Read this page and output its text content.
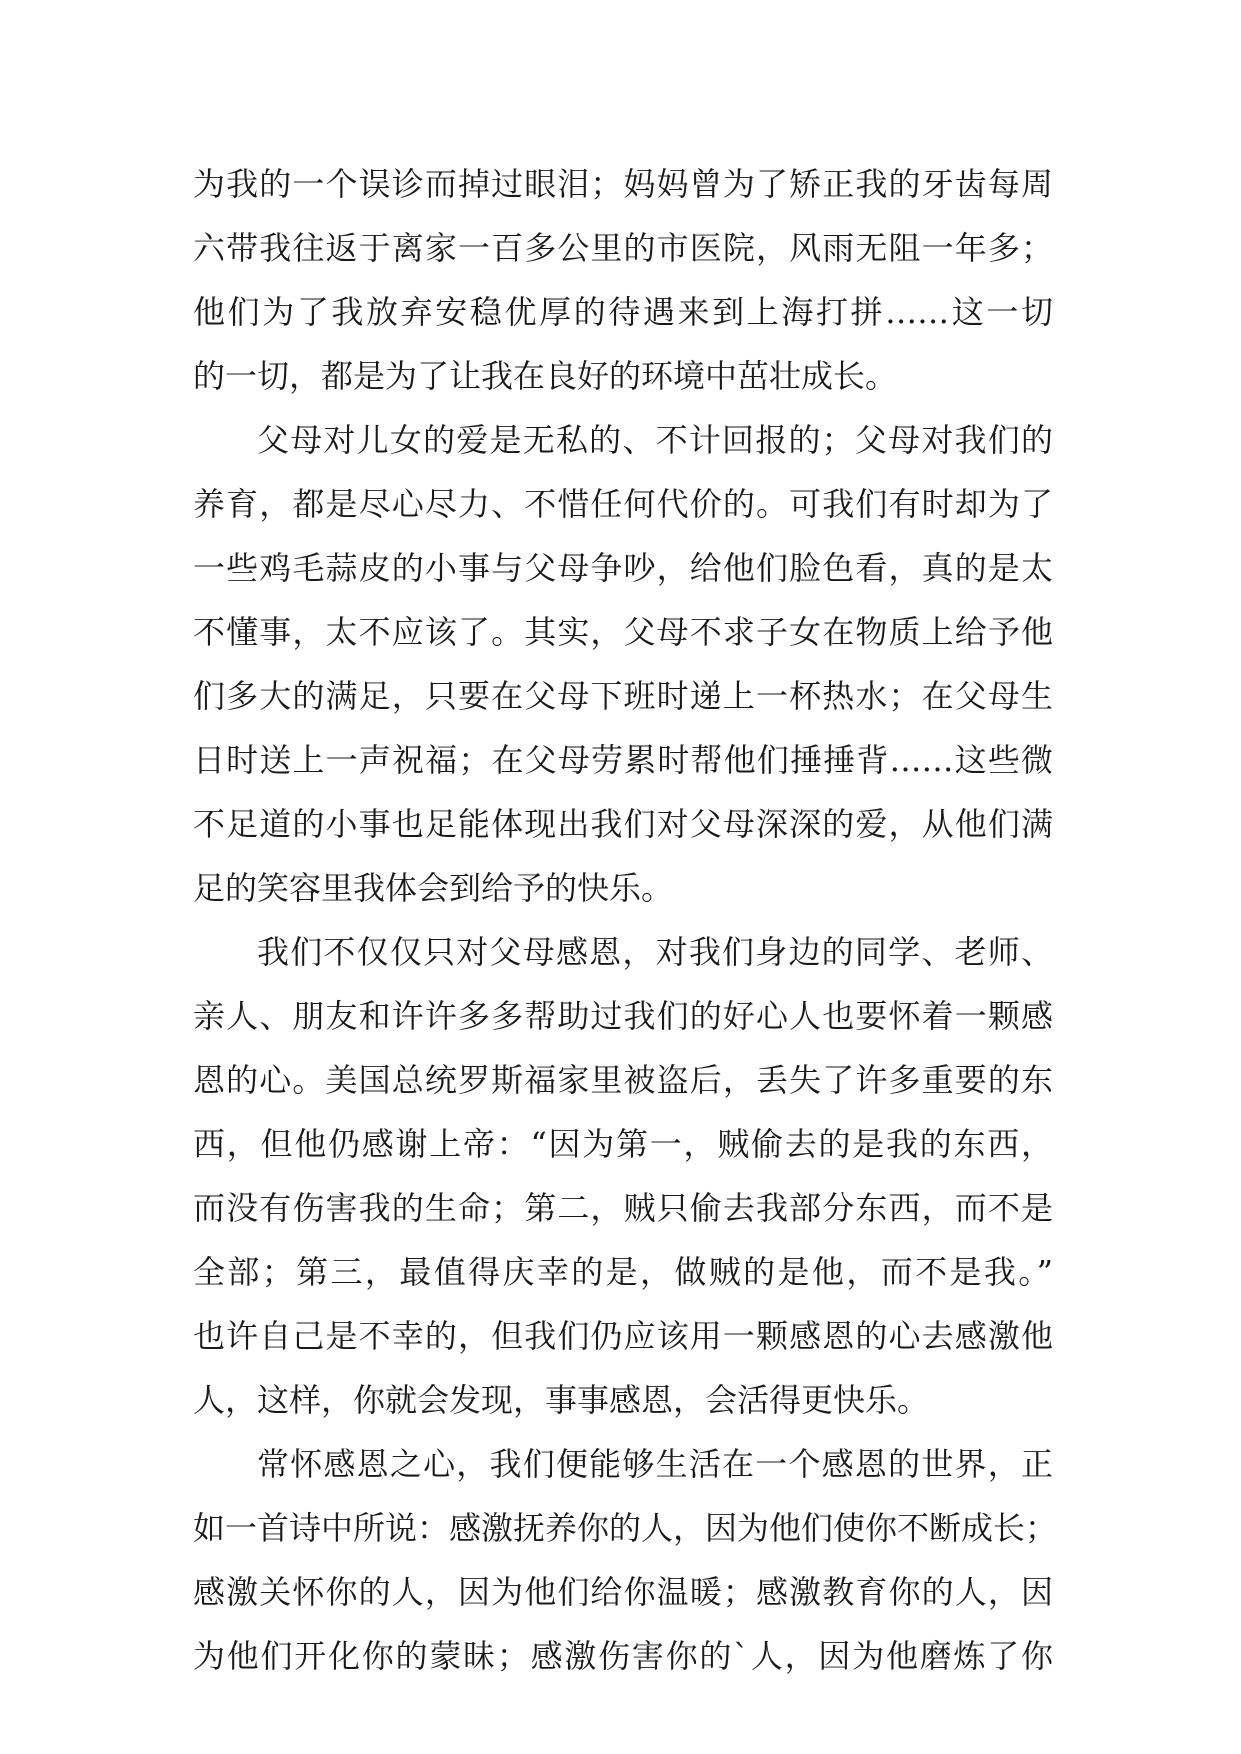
为我的一个误诊而掉过眼泪；妈妈曾为了矫正我的牙齿每周
六带我往返于离家一百多公里的市医院，风雨无阻一年多；
他们为了我放弃安稳优厚的待遇来到上海打拼……这一切
的一切，都是为了让我在良好的环境中茁壮成长。
父母对儿女的爱是无私的、不计回报的；父母对我们的
养育，都是尽心尽力、不惜任何代价的。可我们有时却为了
一些鸡毛蒜皮的小事与父母争吵，给他们脸色看，真的是太
不懂事，太不应该了。其实，父母不求子女在物质上给予他
们多大的满足，只要在父母下班时递上一杯热水；在父母生
日时送上一声祝福；在父母劳累时帮他们捶捶背……这些微
不足道的小事也足能体现出我们对父母深深的爱，从他们满
足的笑容里我体会到给予的快乐。
我们不仅仅只对父母感恩，对我们身边的同学、老师、
亲人、朋友和许许多多帮助过我们的好心人也要怀着一颗感
恩的心。美国总统罗斯福家里被盗后，丢失了许多重要的东
西，但他仍感谢上帝：“因为第一，贼偷去的是我的东西，
而没有伤害我的生命；第二，贼只偷去我部分东西，而不是
全部；第三，最值得庆幸的是，做贼的是他，而不是我。”
也许自己是不幸的，但我们仍应该用一颗感恩的心去感激他
人，这样，你就会发现，事事感恩，会活得更快乐。
常怀感恩之心，我们便能够生活在一个感恩的世界，正
如一首诗中所说：感激抚养你的人，因为他们使你不断成长；
感激关怀你的人，因为他们给你温暖；感激教育你的人，因
为他们开化你的蒙昧；感激伤害你的`人，因为他磨炼了你
